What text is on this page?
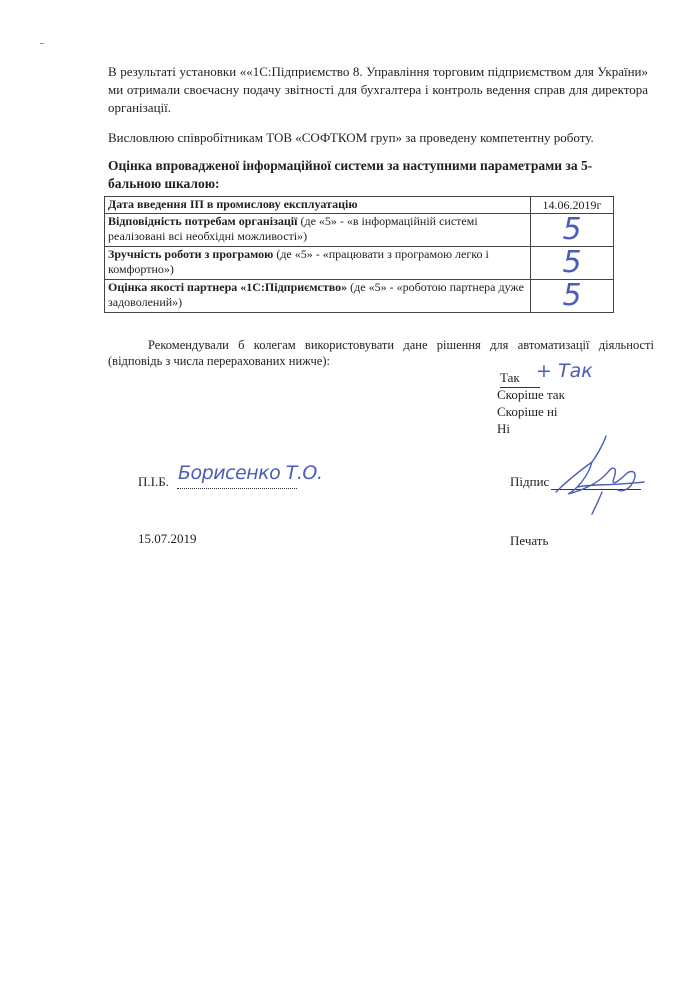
В результаті установки ««1С:Підприємство 8. Управління торговим підприємством для України» ми отримали своєчасну подачу звітності для бухгалтера і контроль ведення справ для директора організації.
Висловлюю співробітникам ТОВ «СОФТКОМ груп» за проведену компетентну роботу.
Оцінка впровадженої інформаційної системи за наступними параметрами за 5-бальною шкалою:
Дата введення ІП в промислову експлуатацію	14.06.2019г
Відповідність потребам організації (де «5» - «в інформаційній системі реалізовані всі необхідні можливості»)	5
Зручність роботи з програмою (де «5» - «працювати з програмою легко і комфортно»)	5
Оцінка якості партнера «1С:Підприємство» (де «5» - «роботою партнера дуже задоволений»)	5
Рекомендували б колегам використовувати дане рішення для автоматизації діяльності (відповідь з числа перерахованих нижче):
Так + Так
Скоріше так
Скоріше ні
Ні
П.І.Б. Борисенко Т.О.	Підпис
15.07.2019	Печать
